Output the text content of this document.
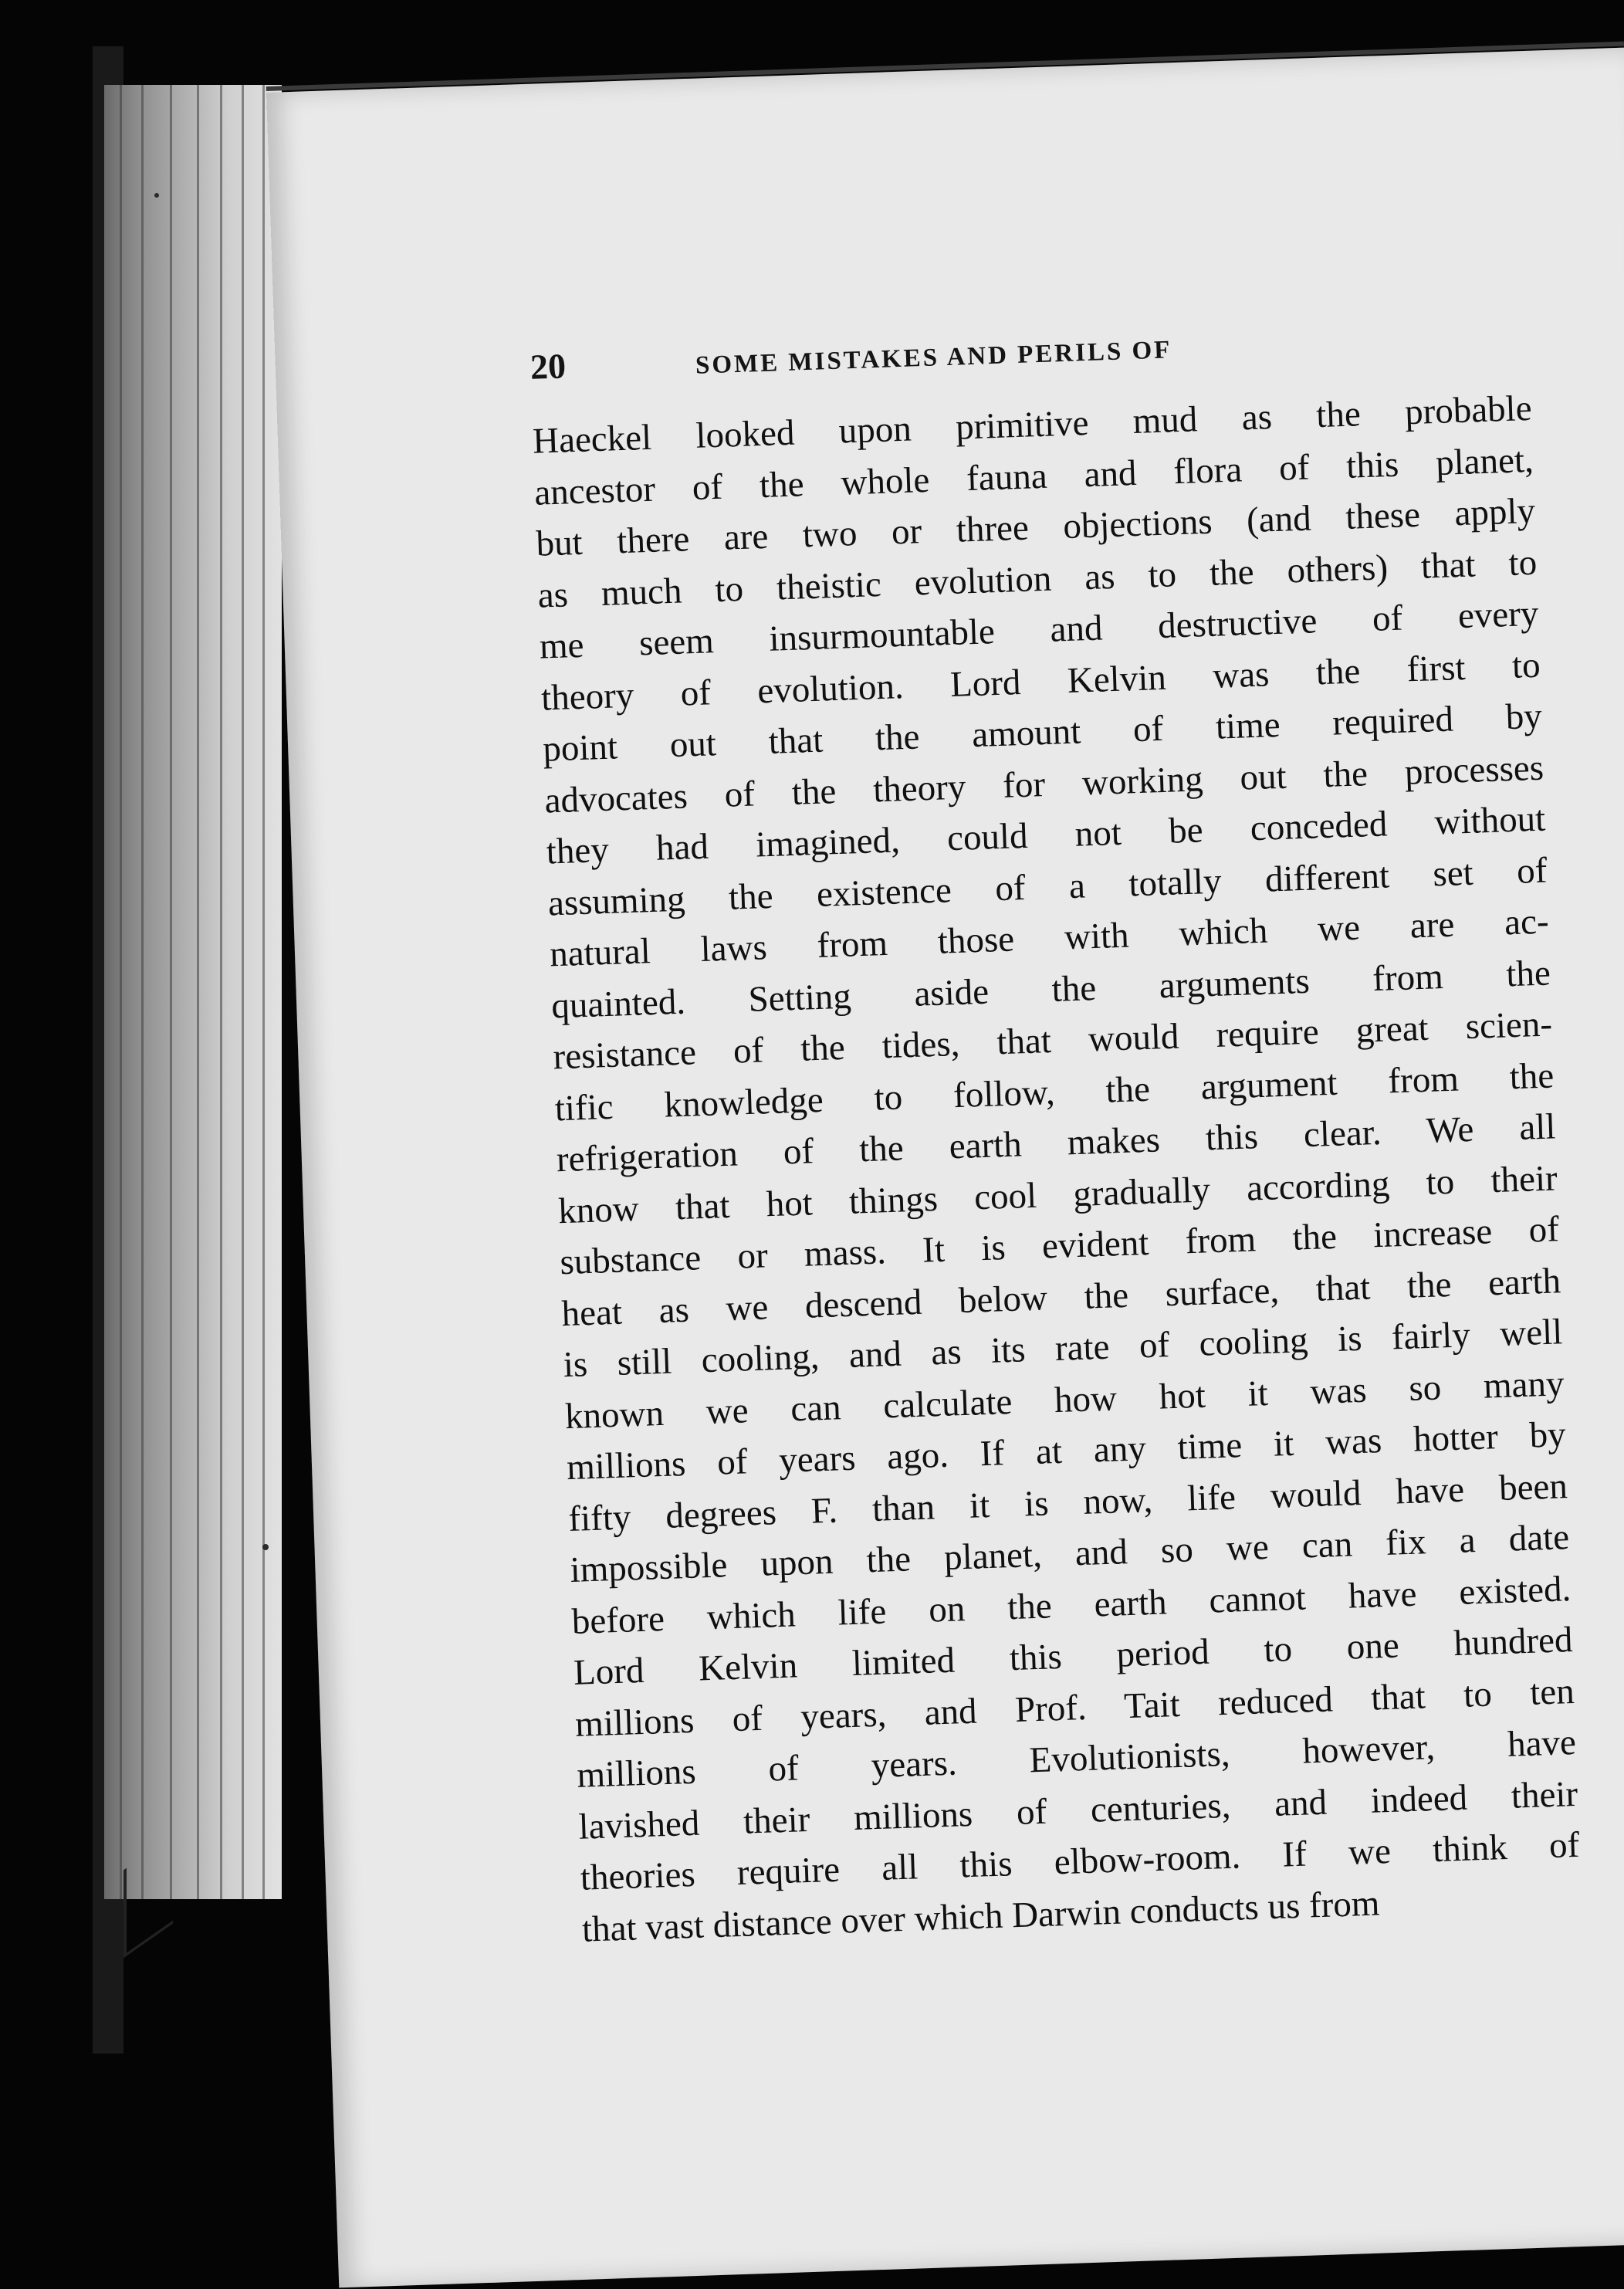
20	SOME MISTAKES AND PERILS OF
Haeckel looked upon primitive mud as the probable
ancestor of the whole fauna and flora of this planet,
but there are two or three objections (and these apply
as much to theistic evolution as to the others) that to
me seem insurmountable and destructive of every
theory of evolution. Lord Kelvin was the first to
point out that the amount of time required by
advocates of the theory for working out the processes
they had imagined, could not be conceded without
assuming the existence of a totally different set of
natural laws from those with which we are ac-
quainted. Setting aside the arguments from the
resistance of the tides, that would require great scien-
tific knowledge to follow, the argument from the
refrigeration of the earth makes this clear. We all
know that hot things cool gradually according to their
substance or mass. It is evident from the increase of
heat as we descend below the surface, that the earth
is still cooling, and as its rate of cooling is fairly well
known we can calculate how hot it was so many
millions of years ago. If at any time it was hotter by
fifty degrees F. than it is now, life would have been
impossible upon the planet, and so we can fix a date
before which life on the earth cannot have existed.
Lord Kelvin limited this period to one hundred
millions of years, and Prof. Tait reduced that to ten
millions of years. Evolutionists, however, have
lavished their millions of centuries, and indeed their
theories require all this elbow-room. If we think of
that vast distance over which Darwin conducts us from
